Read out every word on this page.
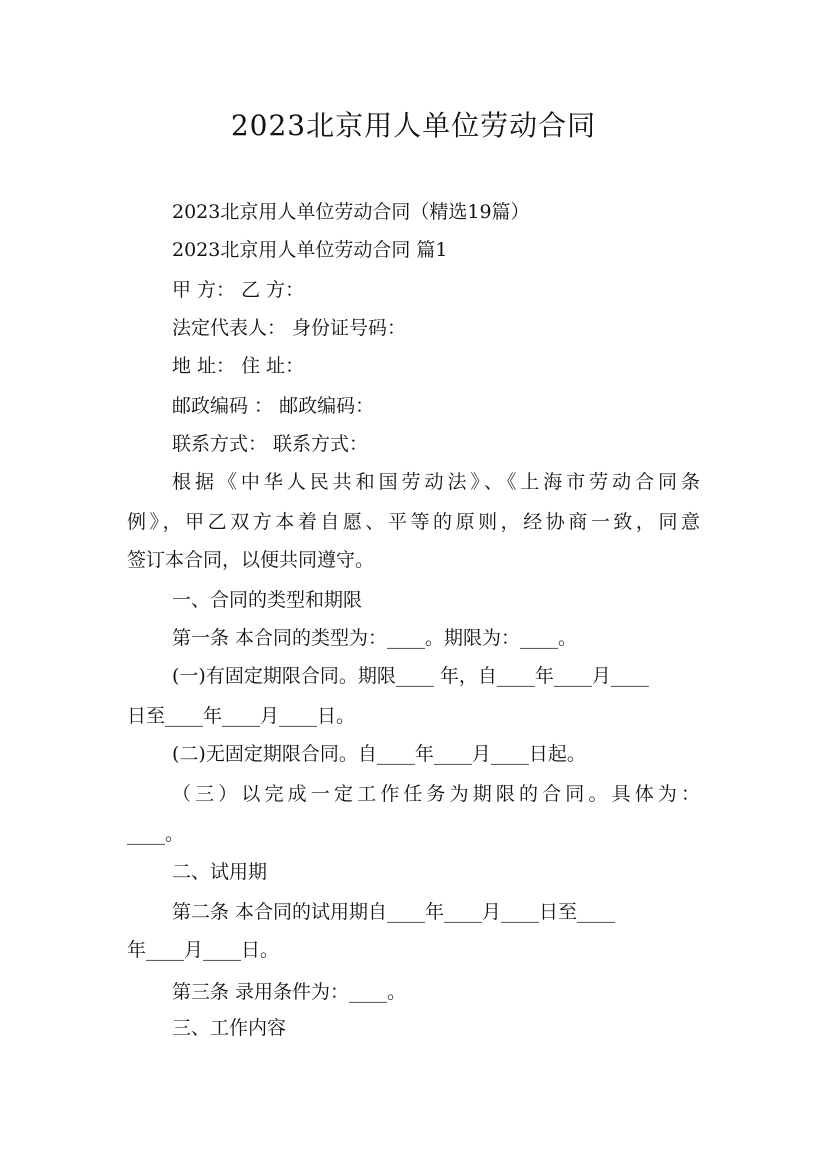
2023北京用人单位劳动合同
2023北京用人单位劳动合同（精选19篇）
2023北京用人单位劳动合同 篇1
甲 方： 乙 方：
法定代表人： 身份证号码：
地 址： 住 址：
邮政编码 ： 邮政编码：
联系方式： 联系方式：
根据《中华人民共和国劳动法》、《上海市劳动合同条
例》，甲乙双方本着自愿、平等的原则，经协商一致，同意
签订本合同，以便共同遵守。
一、合同的类型和期限
第一条 本合同的类型为：____。期限为：____。
(一)有固定期限合同。期限____ 年，自____年____月____
日至____年____月____日。
(二)无固定期限合同。自____年____月____日起。
（三）以完成一定工作任务为期限的合同。具体为：
____。
二、试用期
第二条 本合同的试用期自____年____月____日至____
年____月____日。
第三条 录用条件为：____。
三、工作内容
